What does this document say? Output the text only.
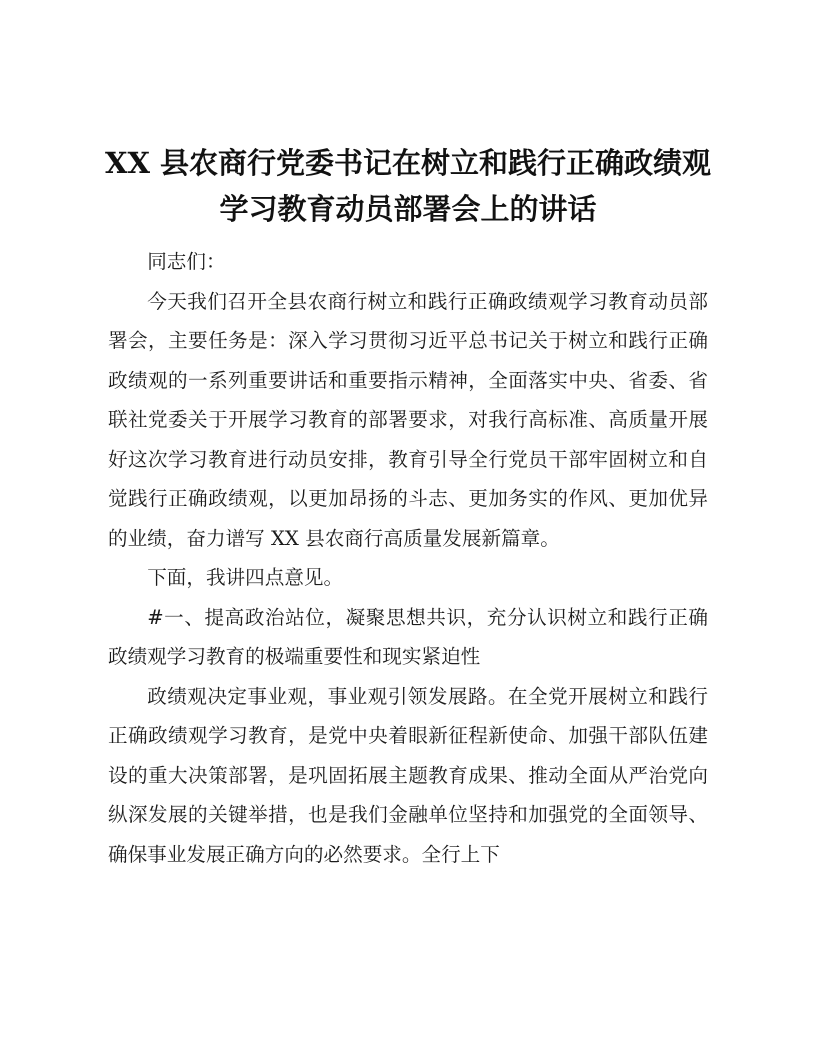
XX 县农商行党委书记在树立和践行正确政绩观
学习教育动员部署会上的讲话

同志们：

今天我们召开全县农商行树立和践行正确政绩观学习教育动员部署会，主要任务是：深入学习贯彻习近平总书记关于树立和践行正确政绩观的一系列重要讲话和重要指示精神，全面落实中央、省委、省联社党委关于开展学习教育的部署要求，对我行高标准、高质量开展好这次学习教育进行动员安排，教育引导全行党员干部牢固树立和自觉践行正确政绩观，以更加昂扬的斗志、更加务实的作风、更加优异的业绩，奋力谱写 XX 县农商行高质量发展新篇章。

下面，我讲四点意见。

#一、提高政治站位，凝聚思想共识，充分认识树立和践行正确政绩观学习教育的极端重要性和现实紧迫性

政绩观决定事业观，事业观引领发展路。在全党开展树立和践行正确政绩观学习教育，是党中央着眼新征程新使命、加强干部队伍建设的重大决策部署，是巩固拓展主题教育成果、推动全面从严治党向纵深发展的关键举措，也是我们金融单位坚持和加强党的全面领导、确保事业发展正确方向的必然要求。全行上下
